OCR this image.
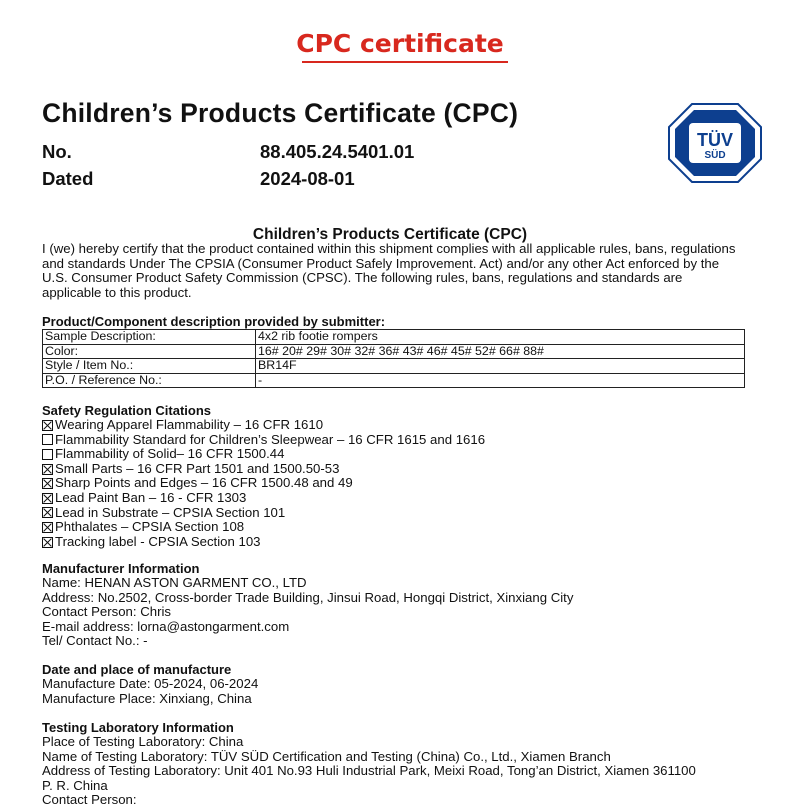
CPC certificate
Children’s Products Certificate (CPC)
No.	88.405.24.5401.01
Dated	2024-08-01
TÜV
SÜD
Children’s Products Certificate (CPC)
I (we) hereby certify that the product contained within this shipment complies with all applicable rules, bans, regulations and standards Under The CPSIA (Consumer Product Safely Improvement. Act) and/or any other Act enforced by the U.S. Consumer Product Safety Commission (CPSC). The following rules, bans, regulations and standards are applicable to this product.
Product/Component description provided by submitter:
Sample Description:	4x2 rib footie rompers
Color:	16# 20# 29# 30# 32# 36# 43# 46# 45# 52# 66# 88#
Style / Item No.:	BR14F
P.O. / Reference No.:	-
Safety Regulation Citations
Wearing Apparel Flammability – 16 CFR 1610
Flammability Standard for Children’s Sleepwear – 16 CFR 1615 and 1616
Flammability of Solid– 16 CFR 1500.44
Small Parts – 16 CFR Part 1501 and 1500.50-53
Sharp Points and Edges – 16 CFR 1500.48 and 49
Lead Paint Ban – 16 - CFR 1303
Lead in Substrate – CPSIA Section 101
Phthalates – CPSIA Section 108
Tracking label - CPSIA Section 103
Manufacturer Information
Name: HENAN ASTON GARMENT CO., LTD
Address: No.2502, Cross-border Trade Building, Jinsui Road, Hongqi District, Xinxiang City
Contact Person: Chris
E-mail address: lorna@astongarment.com
Tel/ Contact No.: -
Date and place of manufacture
Manufacture Date: 05-2024, 06-2024
Manufacture Place: Xinxiang, China
Testing Laboratory Information
Place of Testing Laboratory: China
Name of Testing Laboratory: TÜV SÜD Certification and Testing (China) Co., Ltd., Xiamen Branch
Address of Testing Laboratory: Unit 401 No.93 Huli Industrial Park, Meixi Road, Tong’an District, Xiamen 361100
P. R. China
Contact Person:
